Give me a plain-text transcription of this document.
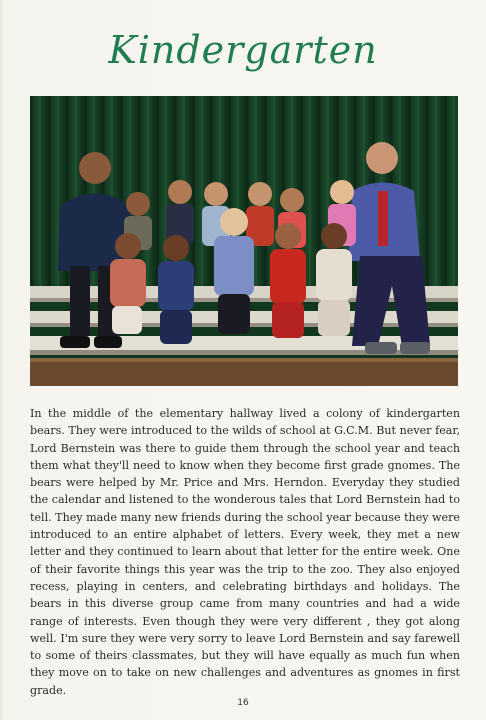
Kindergarten

In the middle of the elementary hallway lived a colony of kindergarten bears. They were introduced to the wilds of school at G.C.M. But never fear, Lord Bernstein was there to guide them through the school year and teach them what they'll need to know when they become first grade gnomes. The bears were helped by Mr. Price and Mrs. Herndon. Everyday they studied the calendar and listened to the wonderous tales that Lord Bernstein had to tell. They made many new friends during the school year because they were introduced to an entire alphabet of letters. Every week, they met a new letter and they continued to learn about that letter for the entire week. One of their favorite things this year was the trip to the zoo. They also enjoyed recess, playing in centers, and celebrating birthdays and holidays. The bears in this diverse group came from many countries and had a wide range of interests. Even though they were very different , they got along well. I'm sure they were very sorry to leave Lord Bernstein and say farewell to some of theirs classmates, but they will have equally as much fun when they move on to take on new challenges and adventures as gnomes in first grade.

16
